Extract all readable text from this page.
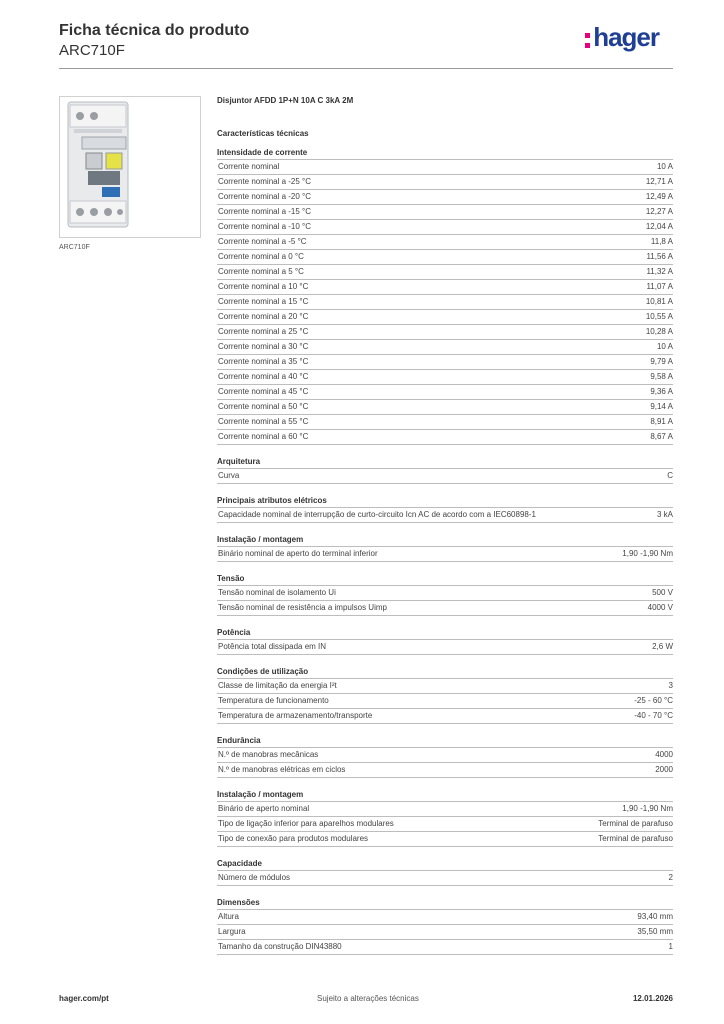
Ficha técnica do produto
ARC710F	hager
ARC710F
Disjuntor AFDD 1P+N 10A C 3kA 2M
Características técnicas
Intensidade de corrente
Corrente nominal	10 A
Corrente nominal a -25 °C	12,71 A
Corrente nominal a -20 °C	12,49 A
Corrente nominal a -15 °C	12,27 A
Corrente nominal a -10 °C	12,04 A
Corrente nominal a -5 °C	11,8 A
Corrente nominal a 0 °C	11,56 A
Corrente nominal a 5 °C	11,32 A
Corrente nominal a 10 °C	11,07 A
Corrente nominal a 15 °C	10,81 A
Corrente nominal a 20 °C	10,55 A
Corrente nominal a 25 °C	10,28 A
Corrente nominal a 30 °C	10 A
Corrente nominal a 35 °C	9,79 A
Corrente nominal a 40 °C	9,58 A
Corrente nominal a 45 °C	9,36 A
Corrente nominal a 50 °C	9,14 A
Corrente nominal a 55 °C	8,91 A
Corrente nominal a 60 °C	8,67 A
Arquitetura
Curva	C
Principais atributos elétricos
Capacidade nominal de interrupção de curto-circuito Icn AC de acordo com a IEC60898-1	3 kA
Instalação / montagem
Binário nominal de aperto do terminal inferior	1,90 -1,90 Nm
Tensão
Tensão nominal de isolamento Ui	500 V
Tensão nominal de resistência a impulsos Uimp	4000 V
Potência
Potência total dissipada em IN	2,6 W
Condições de utilização
Classe de limitação da energia I²t	3
Temperatura de funcionamento	-25 - 60 °C
Temperatura de armazenamento/transporte	-40 - 70 °C
Endurância
N.º de manobras mecânicas	4000
N.º de manobras elétricas em ciclos	2000
Instalação / montagem
Binário de aperto nominal	1,90 -1,90 Nm
Tipo de ligação inferior para aparelhos modulares	Terminal de parafuso
Tipo de conexão para produtos modulares	Terminal de parafuso
Capacidade
Número de módulos	2
Dimensões
Altura	93,40 mm
Largura	35,50 mm
Tamanho da construção DIN43880	1
hager.com/pt	Sujeito a alterações técnicas	12.01.2026
